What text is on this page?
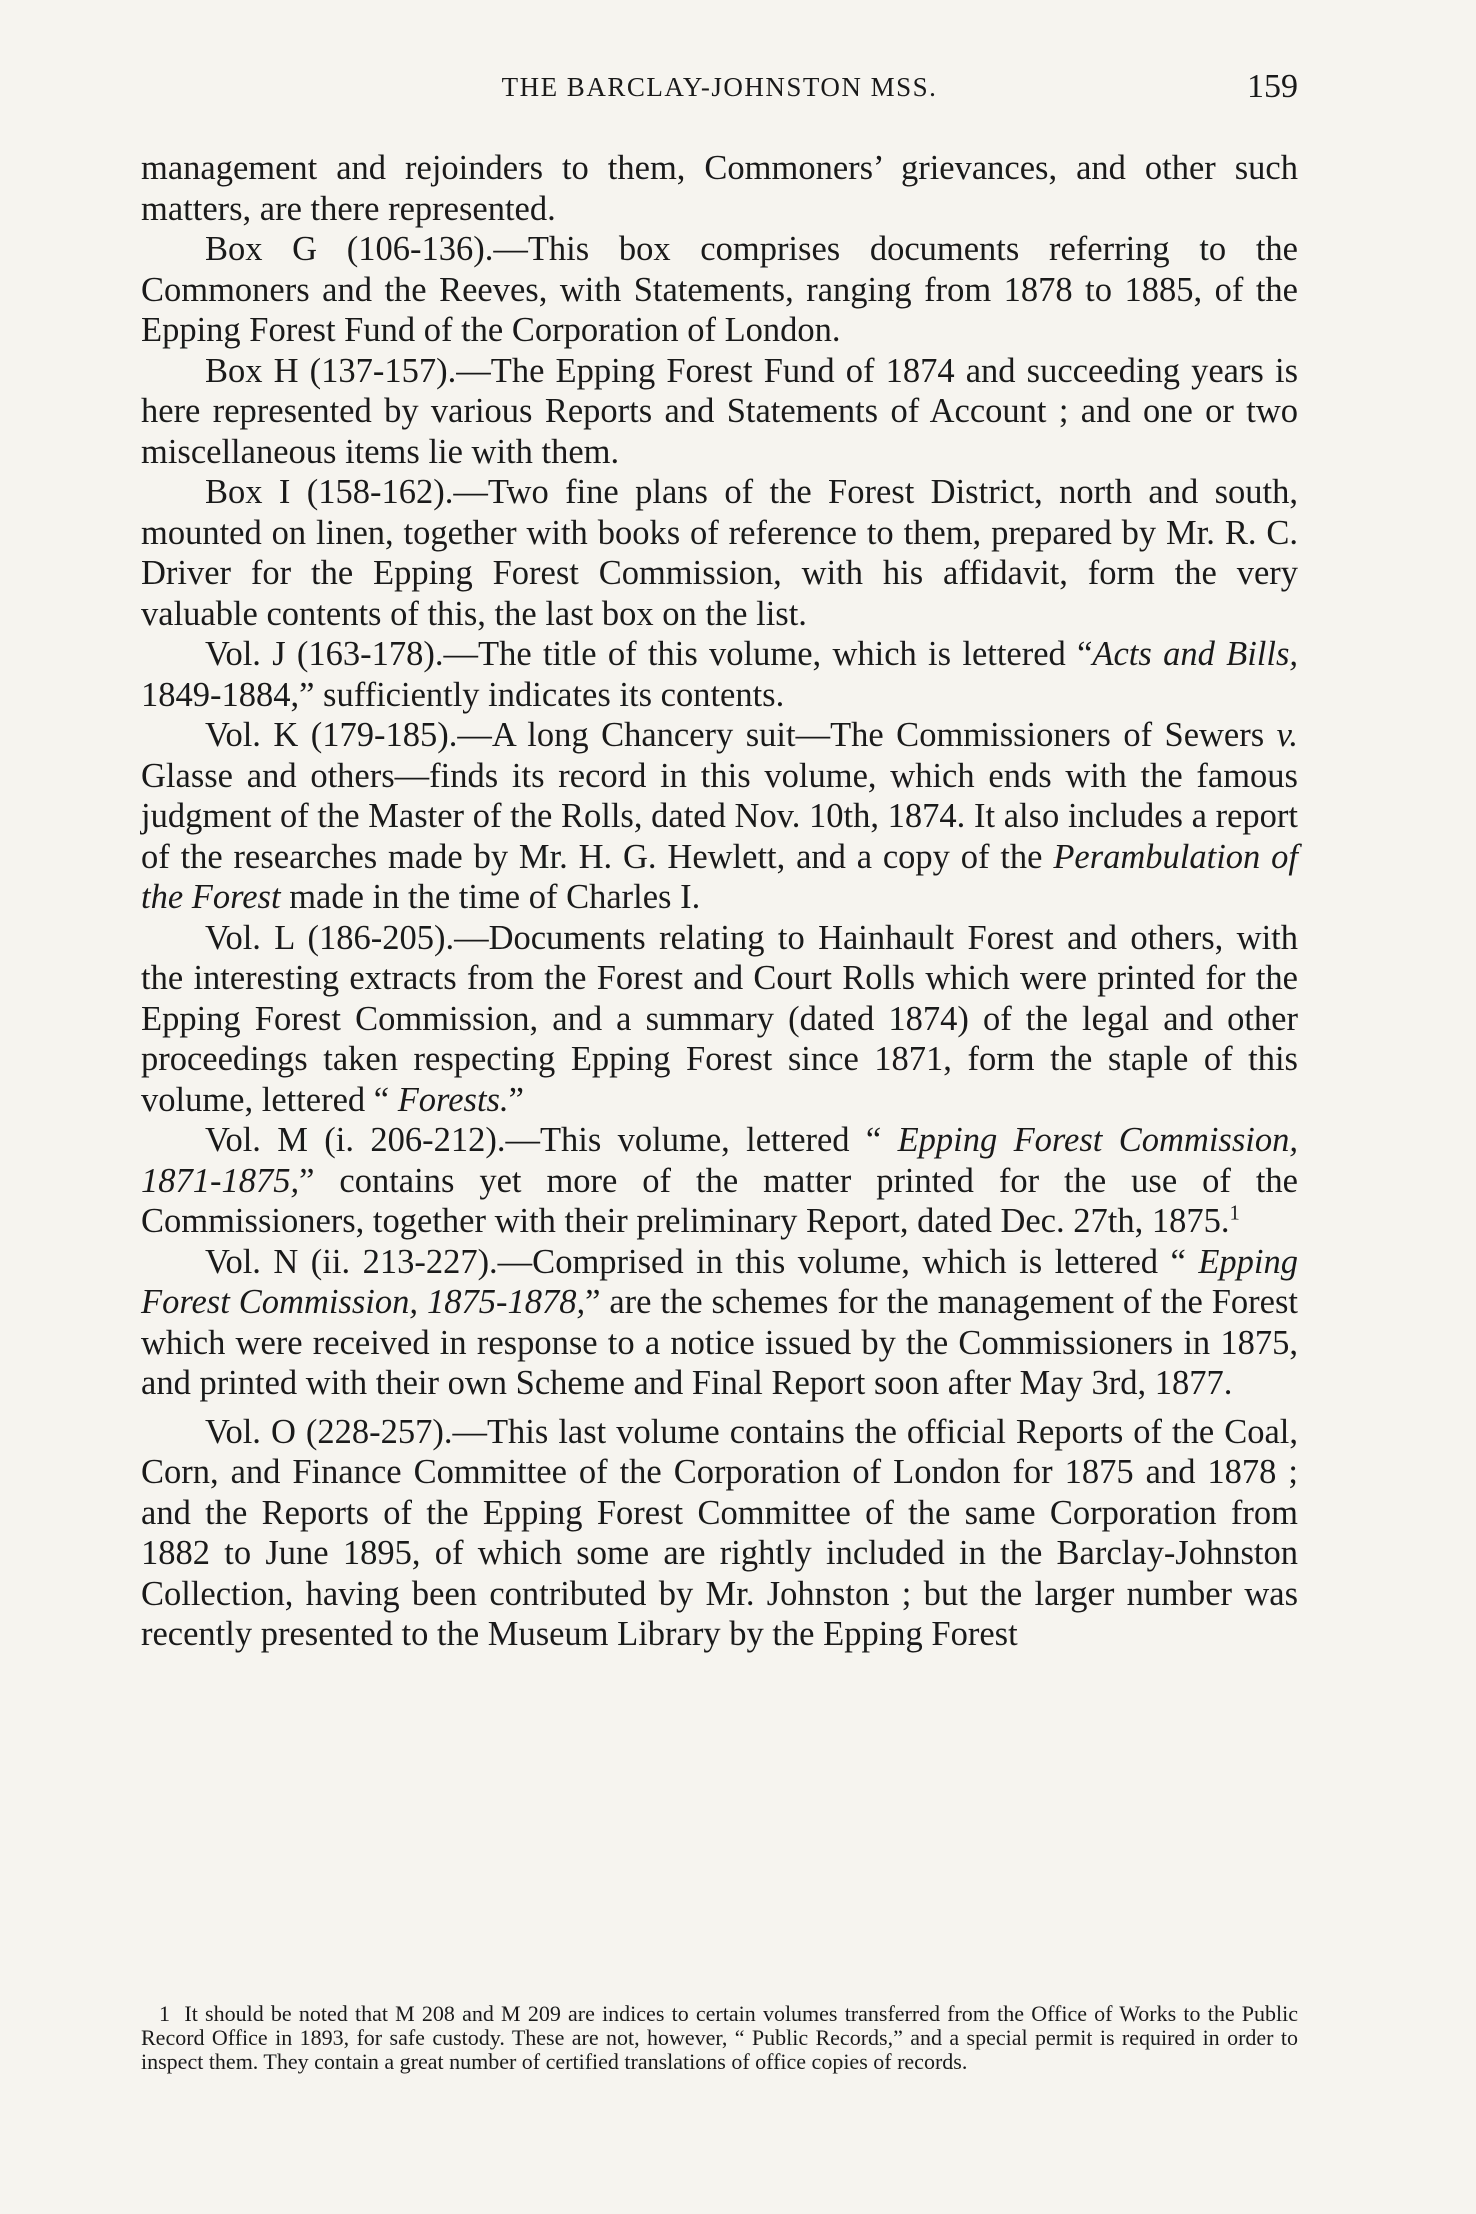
THE BARCLAY-JOHNSTON MSS.	159

management and rejoinders to them, Commoners’ grievances, and other such matters, are there represented.

Box G (106-136).—This box comprises documents referring to the Commoners and the Reeves, with Statements, ranging from 1878 to 1885, of the Epping Forest Fund of the Corporation of London.

Box H (137-157).—The Epping Forest Fund of 1874 and succeeding years is here represented by various Reports and Statements of Account ; and one or two miscellaneous items lie with them.

Box I (158-162).—Two fine plans of the Forest District, north and south, mounted on linen, together with books of reference to them, prepared by Mr. R. C. Driver for the Epping Forest Commission, with his affidavit, form the very valuable contents of this, the last box on the list.

Vol. J (163-178).—The title of this volume, which is lettered “Acts and Bills, 1849-1884,” sufficiently indicates its contents.

Vol. K (179-185).—A long Chancery suit—The Commissioners of Sewers v. Glasse and others—finds its record in this volume, which ends with the famous judgment of the Master of the Rolls, dated Nov. 10th, 1874. It also includes a report of the researches made by Mr. H. G. Hewlett, and a copy of the Perambulation of the Forest made in the time of Charles I.

Vol. L (186-205).—Documents relating to Hainhault Forest and others, with the interesting extracts from the Forest and Court Rolls which were printed for the Epping Forest Commission, and a summary (dated 1874) of the legal and other proceedings taken respecting Epping Forest since 1871, form the staple of this volume, lettered “ Forests.”

Vol. M (i. 206-212).—This volume, lettered “ Epping Forest Commission, 1871-1875,” contains yet more of the matter printed for the use of the Commissioners, together with their preliminary Report, dated Dec. 27th, 1875.$^1$

Vol. N (ii. 213-227).—Comprised in this volume, which is lettered “ Epping Forest Commission, 1875-1878,” are the schemes for the management of the Forest which were received in response to a notice issued by the Commissioners in 1875, and printed with their own Scheme and Final Report soon after May 3rd, 1877.

Vol. O (228-257).—This last volume contains the official Reports of the Coal, Corn, and Finance Committee of the Corporation of London for 1875 and 1878 ; and the Reports of the Epping Forest Committee of the same Corporation from 1882 to June 1895, of which some are rightly included in the Barclay-Johnston Collection, having been contributed by Mr. Johnston ; but the larger number was recently presented to the Museum Library by the Epping Forest

1 It should be noted that M 208 and M 209 are indices to certain volumes transferred from the Office of Works to the Public Record Office in 1893, for safe custody. These are not, however, “ Public Records,” and a special permit is required in order to inspect them. They contain a great number of certified translations of office copies of records.
